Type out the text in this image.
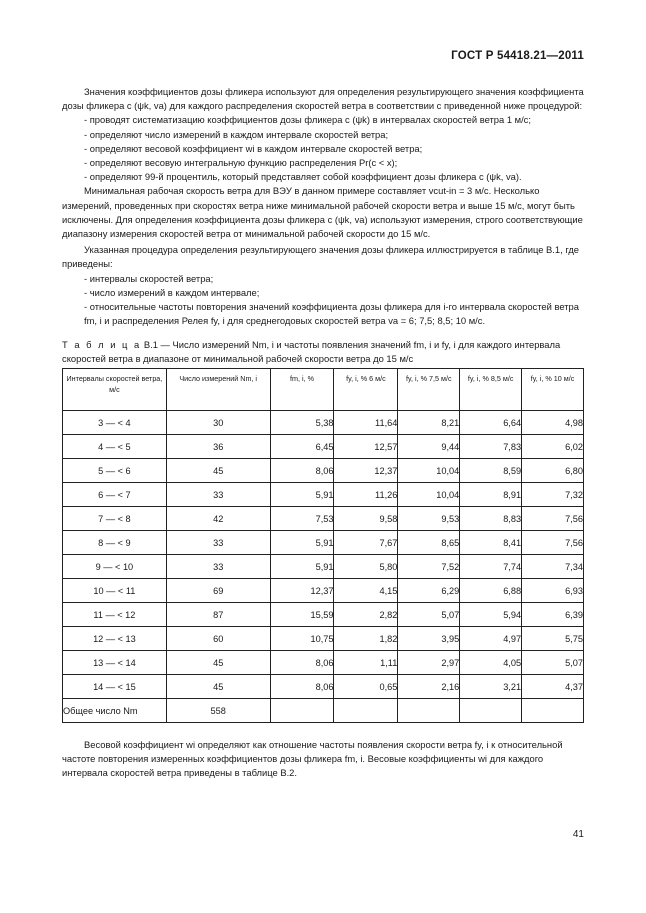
ГОСТ Р 54418.21—2011

Значения коэффициентов дозы фликера используют для определения результирующего значения коэффициента дозы фликера c (ψk, va) для каждого распределения скоростей ветра в соответствии с приведенной ниже процедурой:

- проводят систематизацию коэффициентов дозы фликера c (ψk) в интервалах скоростей ветра 1 м/с;

- определяют число измерений в каждом интервале скоростей ветра;

- определяют весовой коэффициент wi в каждом интервале скоростей ветра;

- определяют весовую интегральную функцию распределения Pr(c < x);

- определяют 99-й процентиль, который представляет собой коэффициент дозы фликера c (ψk, va).

Минимальная рабочая скорость ветра для ВЭУ в данном примере составляет vcut-in = 3 м/с. Несколько измерений, проведенных при скоростях ветра ниже минимальной рабочей скорости ветра и выше 15 м/с, могут быть исключены. Для определения коэффициента дозы фликера c (ψk, va) используют измерения, строго соответствующие диапазону измерения скоростей ветра от минимальной рабочей скорости до 15 м/с.

Указанная процедура определения результирующего значения дозы фликера иллюстрируется в таблице В.1, где приведены:

- интервалы скоростей ветра;

- число измерений в каждом интервале;

- относительные частоты повторения значений коэффициента дозы фликера для i-го интервала скоростей ветра fm, i и распределения Релея fy, i для среднегодовых скоростей ветра va = 6; 7,5; 8,5; 10 м/с.

Т а б л и ц а В.1 — Число измерений Nm, i и частоты появления значений fm, i и fy, i для каждого интервала скоростей ветра в диапазоне от минимальной рабочей скорости ветра до 15 м/с
Интервалы скоростей ветра, м/с	Число измерений Nm, i	fm, i, %	fy, i, % 6 м/с	fy, i, % 7,5 м/с	fy, i, % 8,5 м/с	fy, i, % 10 м/с
3 — < 4	30	5,38	11,64	8,21	6,64	4,98
4 — < 5	36	6,45	12,57	9,44	7,83	6,02
5 — < 6	45	8,06	12,37	10,04	8,59	6,80
6 — < 7	33	5,91	11,26	10,04	8,91	7,32
7 — < 8	42	7,53	9,58	9,53	8,83	7,56
8 — < 9	33	5,91	7,67	8,65	8,41	7,56
9 — < 10	33	5,91	5,80	7,52	7,74	7,34
10 — < 11	69	12,37	4,15	6,29	6,88	6,93
11 — < 12	87	15,59	2,82	5,07	5,94	6,39
12 — < 13	60	10,75	1,82	3,95	4,97	5,75
13 — < 14	45	8,06	1,11	2,97	4,05	5,07
14 — < 15	45	8,06	0,65	2,16	3,21	4,37
Общее число Nm	558					

Весовой коэффициент wi определяют как отношение частоты появления скорости ветра fy, i к относительной частоте повторения измеренных коэффициентов дозы фликера fm, i. Весовые коэффициенты wi для каждого интервала скоростей ветра приведены в таблице В.2.

41
